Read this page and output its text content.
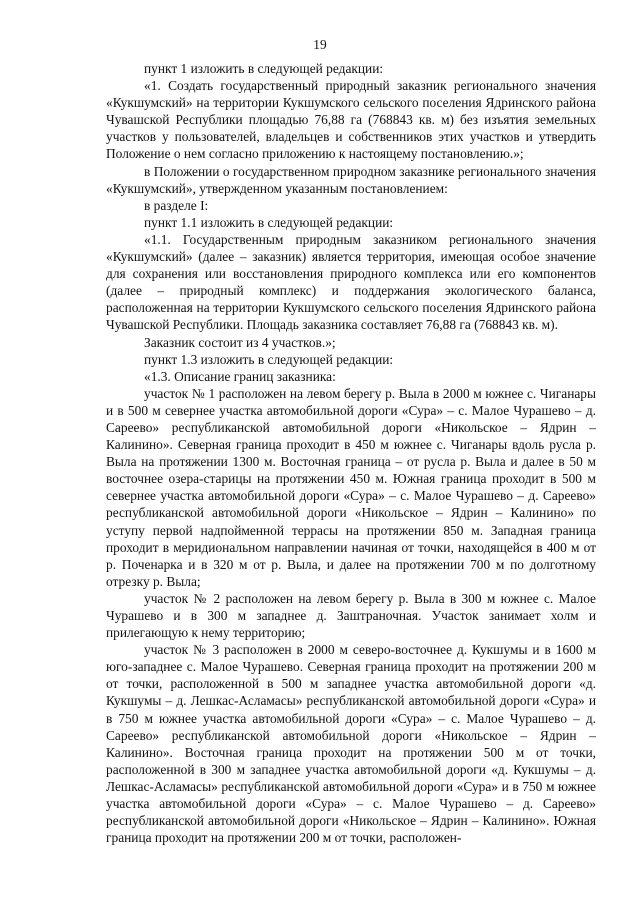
19

пункт 1 изложить в следующей редакции:

«1. Создать государственный природный заказник регионального значения «Кукшумский» на территории Кукшумского сельского поселения Ядринского района Чувашской Республики площадью 76,88 га (768843 кв. м) без изъятия земельных участков у пользователей, владельцев и собственников этих участков и утвердить Положение о нем согласно приложению к настоящему постановлению.»;

в Положении о государственном природном заказнике регионального значения «Кукшумский», утвержденном указанным постановлением:

в разделе I:

пункт 1.1 изложить в следующей редакции:

«1.1. Государственным природным заказником регионального значения «Кукшумский» (далее – заказник) является территория, имеющая особое значение для сохранения или восстановления природного комплекса или его компонентов (далее – природный комплекс) и поддержания экологического баланса, расположенная на территории Кукшумского сельского поселения Ядринского района Чувашской Республики. Площадь заказника составляет 76,88 га (768843 кв. м).

Заказник состоит из 4 участков.»;

пункт 1.3 изложить в следующей редакции:

«1.3. Описание границ заказника:

участок № 1 расположен на левом берегу р. Выла в 2000 м южнее с. Чиганары и в 500 м севернее участка автомобильной дороги «Сура» – с. Малое Чурашево – д. Сареево» республиканской автомобильной дороги «Никольское – Ядрин – Калинино». Северная граница проходит в 450 м южнее с. Чиганары вдоль русла р. Выла на протяжении 1300 м. Восточная граница – от русла р. Выла и далее в 50 м восточнее озера-старицы на протяжении 450 м. Южная граница проходит в 500 м севернее участка автомобильной дороги «Сура» – с. Малое Чурашево – д. Сареево» республиканской автомобильной дороги «Никольское – Ядрин – Калинино» по уступу первой надпойменной террасы на протяжении 850 м. Западная граница проходит в меридиональном направлении начиная от точки, находящейся в 400 м от р. Поченарка и в 320 м от р. Выла, и далее на протяжении 700 м по долготному отрезку р. Выла;

участок № 2 расположен на левом берегу р. Выла в 300 м южнее с. Малое Чурашево и в 300 м западнее д. Заштраночная. Участок занимает холм и прилегающую к нему территорию;

участок № 3 расположен в 2000 м северо-восточнее д. Кукшумы и в 1600 м юго-западнее с. Малое Чурашево. Северная граница проходит на протяжении 200 м от точки, расположенной в 500 м западнее участка автомобильной дороги «д. Кукшумы – д. Лешкас-Асламасы» республиканской автомобильной дороги «Сура» и в 750 м южнее участка автомобильной дороги «Сура» – с. Малое Чурашево – д. Сареево» республиканской автомобильной дороги «Никольское – Ядрин – Калинино». Восточная граница проходит на протяжении 500 м от точки, расположенной в 300 м западнее участка автомобильной дороги «д. Кукшумы – д. Лешкас-Асламасы» республиканской автомобильной дороги «Сура» и в 750 м южнее участка автомобильной дороги «Сура» – с. Малое Чурашево – д. Сареево» республиканской автомобильной дороги «Никольское – Ядрин – Калинино». Южная граница проходит на протяжении 200 м от точки, расположен-
